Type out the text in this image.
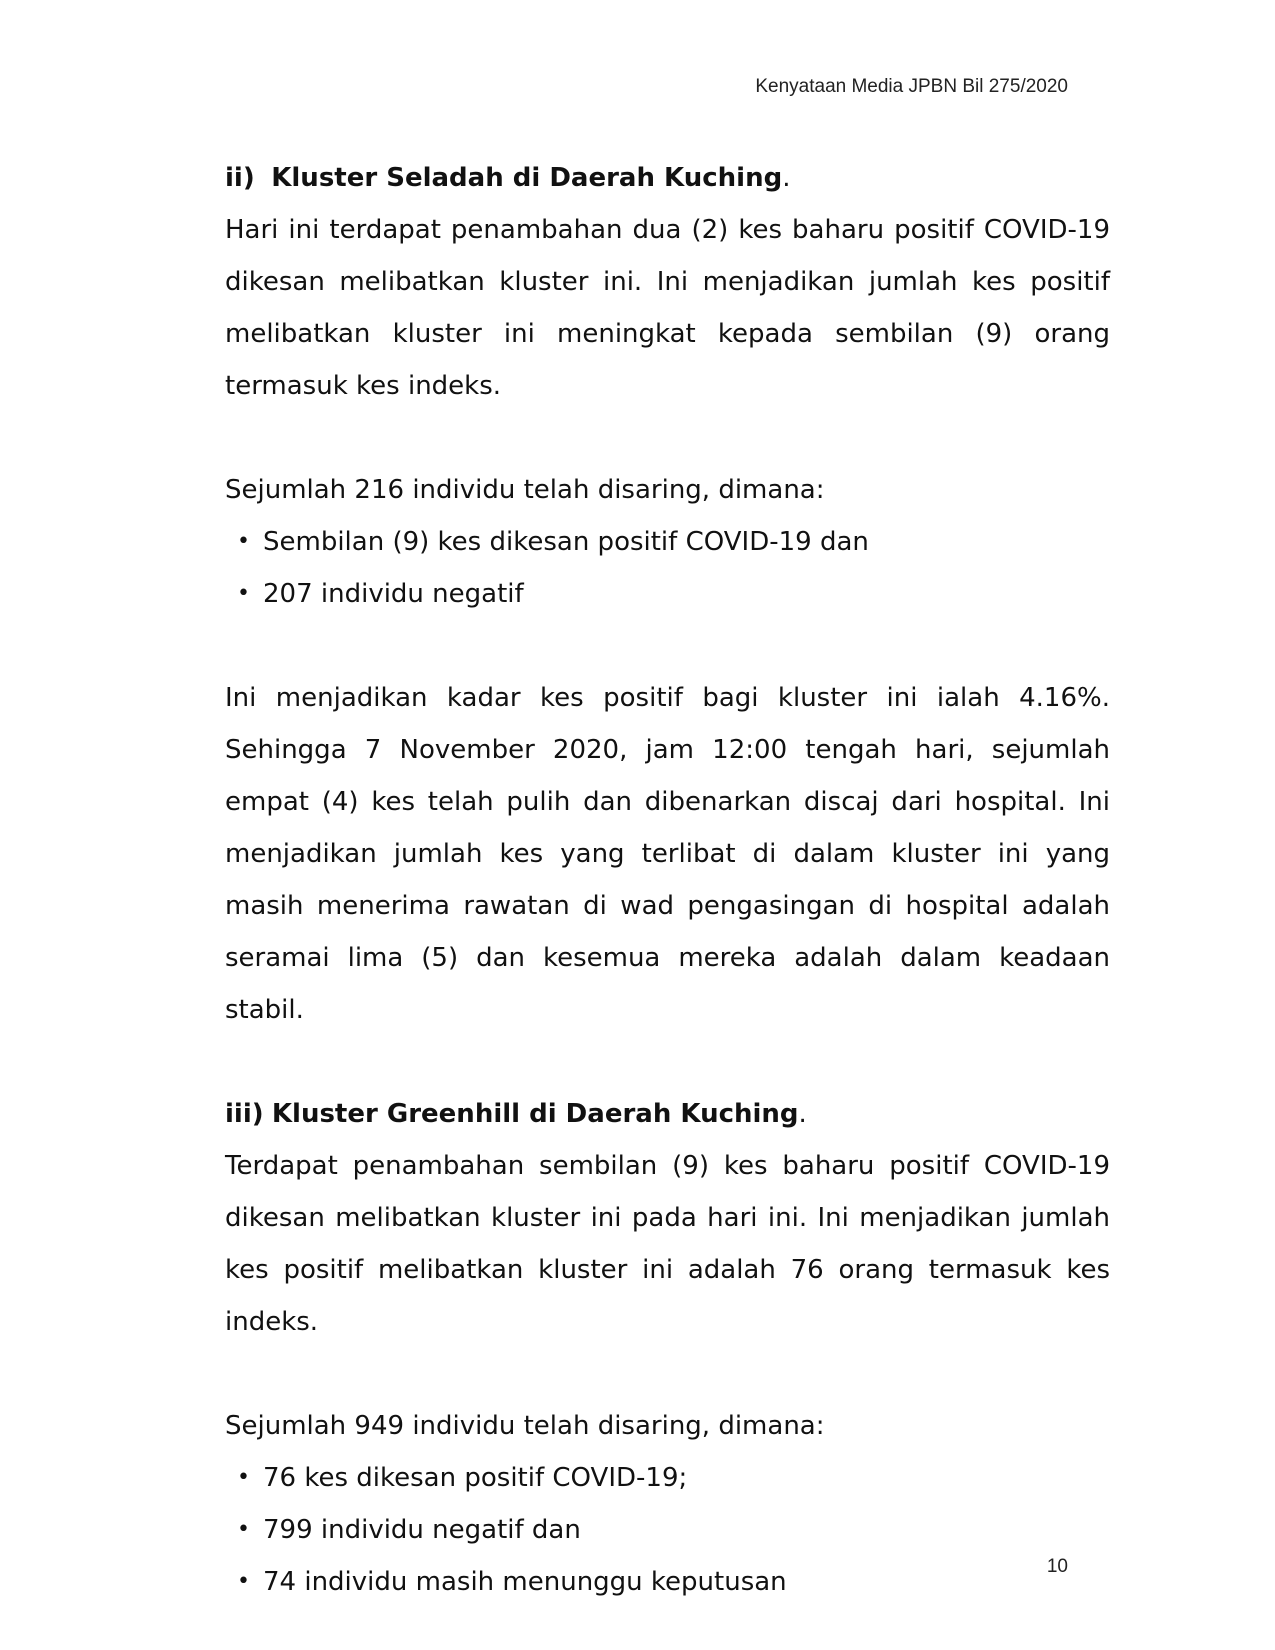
Kenyataan Media JPBN Bil 275/2020
ii) Kluster Seladah di Daerah Kuching.

Hari ini terdapat penambahan dua (2) kes baharu positif COVID-19 dikesan melibatkan kluster ini. Ini menjadikan jumlah kes positif melibatkan kluster ini meningkat kepada sembilan (9) orang termasuk kes indeks.

Sejumlah 216 individu telah disaring, dimana:

• Sembilan (9) kes dikesan positif COVID-19 dan
• 207 individu negatif

Ini menjadikan kadar kes positif bagi kluster ini ialah 4.16%. Sehingga 7 November 2020, jam 12:00 tengah hari, sejumlah empat (4) kes telah pulih dan dibenarkan discaj dari hospital. Ini menjadikan jumlah kes yang terlibat di dalam kluster ini yang masih menerima rawatan di wad pengasingan di hospital adalah seramai lima (5) dan kesemua mereka adalah dalam keadaan stabil.

iii) Kluster Greenhill di Daerah Kuching.

Terdapat penambahan sembilan (9) kes baharu positif COVID-19 dikesan melibatkan kluster ini pada hari ini. Ini menjadikan jumlah kes positif melibatkan kluster ini adalah 76 orang termasuk kes indeks.

Sejumlah 949 individu telah disaring, dimana:

• 76 kes dikesan positif COVID-19;
• 799 individu negatif dan
• 74 individu masih menunggu keputusan
10
